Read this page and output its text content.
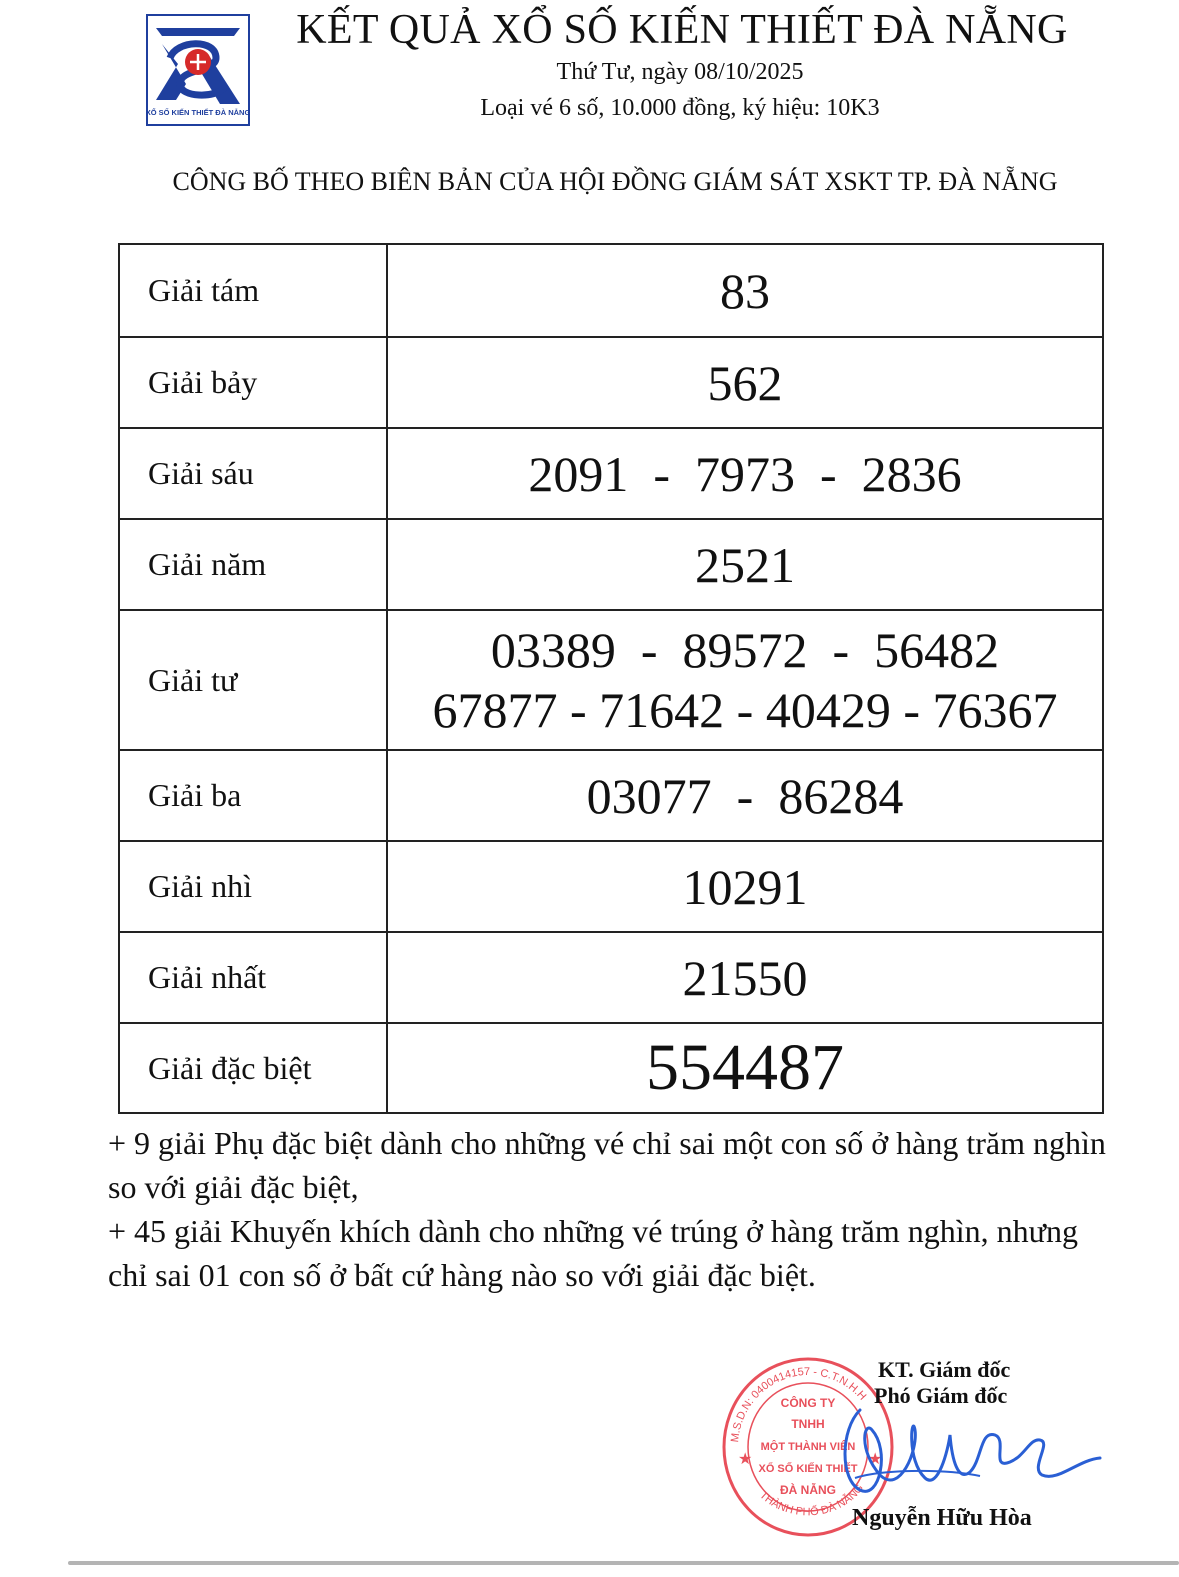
XỔ SỐ KIẾN THIẾT ĐÀ NẴNG
KẾT QUẢ XỔ SỐ KIẾN THIẾT ĐÀ NẴNG
Thứ Tư, ngày 08/10/2025
Loại vé 6 số, 10.000 đồng, ký hiệu: 10K3
CÔNG BỐ THEO BIÊN BẢN CỦA HỘI ĐỒNG GIÁM SÁT XSKT TP. ĐÀ NẴNG
Giải tám	83

Giải bảy	562

Giải sáu	2091  -  7973  -  2836

Giải năm	2521

Giải tư	03389  -  89572  -  56482
67877 - 71642 - 40429 - 76367

Giải ba	03077  -  86284

Giải nhì	10291

Giải nhất	21550

Giải đặc biệt	554487

+ 9 giải Phụ đặc biệt dành cho những vé chỉ sai một con số ở hàng trăm nghìn so với giải đặc biệt,

+ 45 giải Khuyến khích dành cho những vé trúng ở hàng trăm nghìn, nhưng chỉ sai 01 con số ở bất cứ hàng nào so với giải đặc biệt.

M.S.D.N: 0400414157 - C.T.N.H.H
THÀNH PHỐ ĐÀ NẴNG
★	★
CÔNG TY
TNHH
MỘT THÀNH VIÊN
XỔ SỐ KIẾN THIẾT
ĐÀ NẴNG
KT. Giám đốc
Phó Giám đốc
Nguyễn Hữu Hòa
